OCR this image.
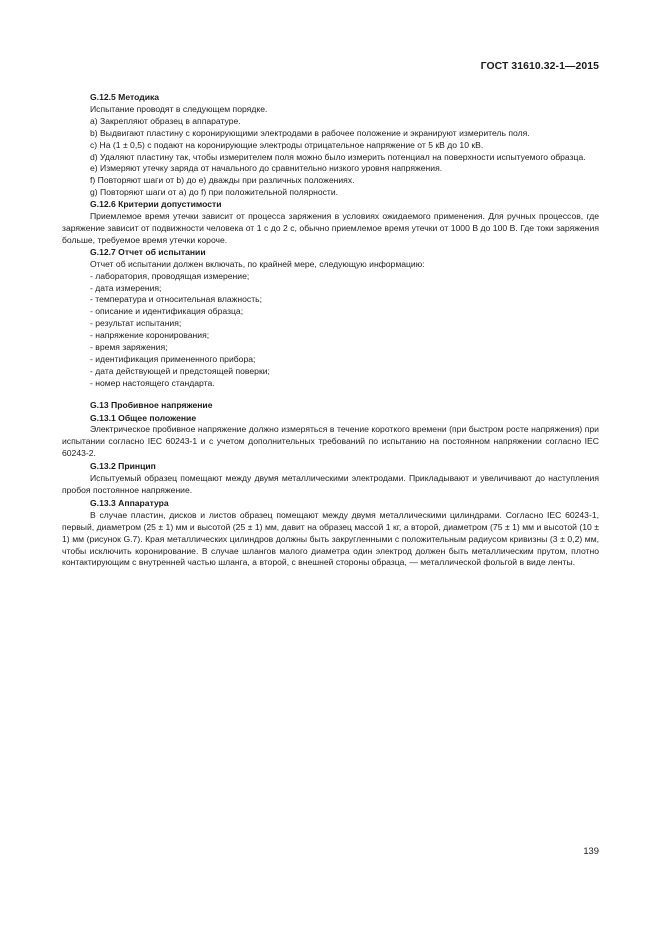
ГОСТ 31610.32-1—2015
G.12.5 Методика
Испытание проводят в следующем порядке.
a) Закрепляют образец в аппаратуре.
b) Выдвигают пластину с коронирующими электродами в рабочее положение и экранируют измеритель поля.
c) На (1 ± 0,5) с подают на коронирующие электроды отрицательное напряжение от 5 кВ до 10 кВ.
d) Удаляют пластину так, чтобы измерителем поля можно было измерить потенциал на поверхности испытуемого образца.
e) Измеряют утечку заряда от начального до сравнительно низкого уровня напряжения.
f) Повторяют шаги от b) до e) дважды при различных положениях.
g) Повторяют шаги от a) до f) при положительной полярности.
G.12.6 Критерии допустимости
Приемлемое время утечки зависит от процесса заряжения в условиях ожидаемого применения. Для ручных процессов, где заряжение зависит от подвижности человека от 1 с до 2 с, обычно приемлемое время утечки от 1000 В до 100 В. Где токи заряжения больше, требуемое время утечки короче.
G.12.7 Отчет об испытании
Отчет об испытании должен включать, по крайней мере, следующую информацию:
- лаборатория, проводящая измерение;
- дата измерения;
- температура и относительная влажность;
- описание и идентификация образца;
- результат испытания;
- напряжение коронирования;
- время заряжения;
- идентификация примененного прибора;
- дата действующей и предстоящей поверки;
- номер настоящего стандарта.
G.13 Пробивное напряжение
G.13.1 Общее положение
Электрическое пробивное напряжение должно измеряться в течение короткого времени (при быстром росте напряжения) при испытании согласно IEC 60243-1 и с учетом дополнительных требований по испытанию на постоянном напряжении согласно IEC 60243-2.
G.13.2 Принцип
Испытуемый образец помещают между двумя металлическими электродами. Прикладывают и увеличивают до наступления пробоя постоянное напряжение.
G.13.3 Аппаратура
В случае пластин, дисков и листов образец помещают между двумя металлическими цилиндрами. Согласно IEC 60243-1, первый, диаметром (25 ± 1) мм и высотой (25 ± 1) мм, давит на образец массой 1 кг, а второй, диаметром (75 ± 1) мм и высотой (10 ± 1) мм (рисунок G.7). Края металлических цилиндров должны быть закругленными с положительным радиусом кривизны (3 ± 0,2) мм, чтобы исключить коронирование. В случае шлангов малого диаметра один электрод должен быть металлическим прутом, плотно контактирующим с внутренней частью шланга, а второй, с внешней стороны образца, — металлической фольгой в виде ленты.
139
